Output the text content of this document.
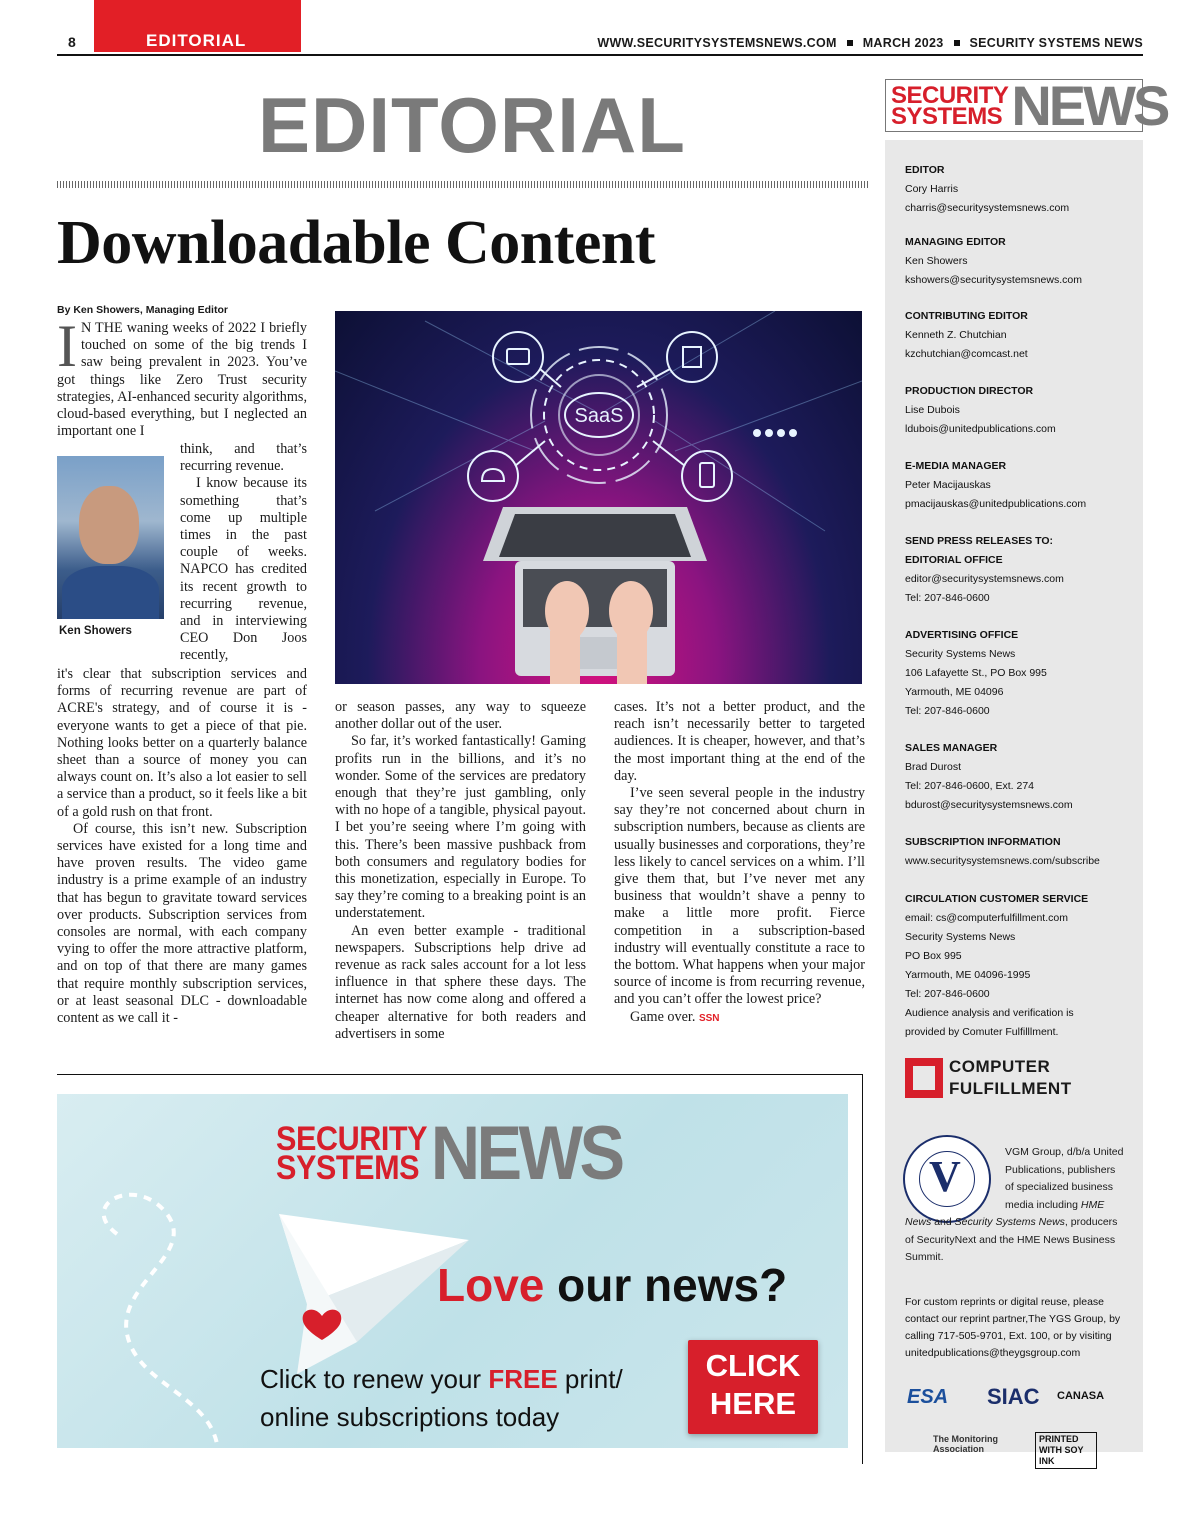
8	EDITORIAL	WWW.SECURITYSYSTEMSNEWS.COM MARCH 2023 SECURITY SYSTEMS NEWS
EDITORIAL
Downloadable Content
By Ken Showers, Managing Editor

I N THE waning weeks of 2022 I briefly touched on some of the big trends I saw being prevalent in 2023. You’ve got things like Zero Trust security strategies, AI-enhanced security algorithms, cloud-based everything, but I neglected an important one I

think, and that’s recurring revenue.

I know because its something that’s come up multiple times in the past couple of weeks. NAPCO has credited its recent growth to recurring revenue, and in interviewing CEO Don Joos recently,

Ken Showers

it's clear that subscription services and forms of recurring revenue are part of ACRE's strategy, and of course it is - everyone wants to get a piece of that pie. Nothing looks better on a quarterly balance sheet than a source of money you can always count on. It’s also a lot easier to sell a service than a product, so it feels like a bit of a gold rush on that front.

Of course, this isn’t new. Subscription services have existed for a long time and have proven results. The video game industry is a prime example of an industry that has begun to gravitate toward services over products. Subscription services from consoles are normal, with each company vying to offer the more attractive platform, and on top of that there are many games that require monthly subscription services, or at least seasonal DLC - downloadable content as we call it -

SaaS

or season passes, any way to squeeze another dollar out of the user.

So far, it’s worked fantastically! Gaming profits run in the billions, and it’s no wonder. Some of the services are predatory enough that they’re just gambling, only with no hope of a tangible, physical payout. I bet you’re seeing where I’m going with this. There’s been massive pushback from both consumers and regulatory bodies for this monetization, especially in Europe. To say they’re coming to a breaking point is an understatement.

An even better example - traditional newspapers. Subscriptions help drive ad revenue as rack sales account for a lot less influence in that sphere these days. The internet has now come along and offered a cheaper alternative for both readers and advertisers in some

cases. It’s not a better product, and the reach isn’t necessarily better to targeted audiences. It is cheaper, however, and that’s the most important thing at the end of the day.

I’ve seen several people in the industry say they’re not concerned about churn in subscription numbers, because as clients are usually businesses and corporations, they’re less likely to cancel services on a whim. I’ll give them that, but I’ve never met any business that wouldn’t shave a penny to make a little more profit. Fierce competition in a subscription-based industry will eventually constitute a race to the bottom. What happens when your major source of income is from recurring revenue, and you can’t offer the lowest price?

Game over. SSN

SECURITY
SYSTEMS NEWS
Love our news?
Click to renew your FREE print/
online subscriptions today
CLICK
HERE
SECURITY
SYSTEMS NEWS
EDITOR
Cory Harris
charris@securitysystemsnews.com
MANAGING EDITOR
Ken Showers
kshowers@securitysystemsnews.com
CONTRIBUTING EDITOR
Kenneth Z. Chutchian
kzchutchian@comcast.net
PRODUCTION DIRECTOR
Lise Dubois
ldubois@unitedpublications.com
E-MEDIA MANAGER
Peter Macijauskas
pmacijauskas@unitedpublications.com
SEND PRESS RELEASES TO:
EDITORIAL OFFICE
editor@securitysystemsnews.com
Tel: 207-846-0600
ADVERTISING OFFICE
Security Systems News
106 Lafayette St., PO Box 995
Yarmouth, ME 04096
Tel: 207-846-0600
SALES MANAGER
Brad Durost
Tel: 207-846-0600, Ext. 274
bdurost@securitysystemsnews.com
SUBSCRIPTION INFORMATION
www.securitysystemsnews.com/subscribe
CIRCULATION CUSTOMER SERVICE
email: cs@computerfulfillment.com
Security Systems News
PO Box 995
Yarmouth, ME 04096-1995
Tel: 207-846-0600
Audience analysis and verification is
provided by Comuter Fulfilllment.
COMPUTER
FULFILLMENT
V	VGM Group, d/b/a United
Publications, publishers
of specialized business
media including HME
News and Security Systems News, producers
of SecurityNext and the HME News Business
Summit.
For custom reprints or digital reuse, please contact our reprint partner,The YGS Group, by calling 717-505-9701, Ext. 100, or by visiting unitedpublications@theygsgroup.com
ESA SIAC CANASA
The Monitoring Association
PRINTED WITH SOY INK
